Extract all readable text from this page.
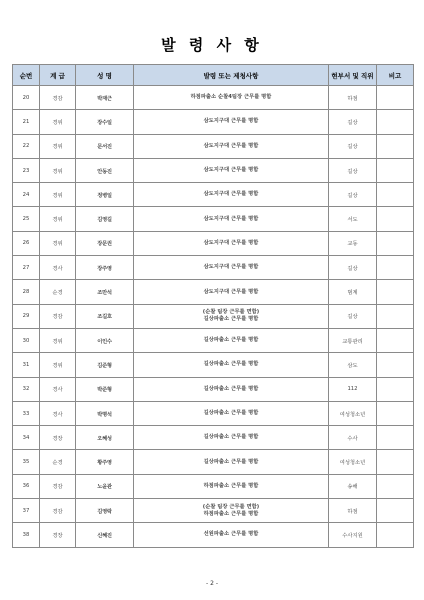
발 령 사 항
순번	계 급	성 명	발령 또는 제청사항	현부서 및 직위	비고
20	경감	박재근	하점파출소 순찰4팀장 근무를 명함	하점	
21	경위	장수일	삼도지구대 근무를 명함	길상	
22	경위	문서진	삼도지구대 근무를 명함	길상	
23	경위	안동진	삼도지구대 근무를 명함	길상	
24	경위	정병일	삼도지구대 근무를 명함	길상	
25	경위	김영길	삼도지구대 근무를 명함	서도	
26	경위	장문권	삼도지구대 근무를 명함	교동	
27	경사	장주영	삼도지구대 근무를 명함	길상	
28	순경	조만석	삼도지구대 근무를 명함	범계	
29	경감	조길호	(순찰 팀장 근무를 면함)
길상파출소 근무를 명함	길상	
30	경위	이인수	길상파출소 근무를 명함	교통관리	
31	경위	김준형	길상파출소 근무를 명함	삼도	
32	경사	박준형	길상파출소 근무를 명함	112	
33	경사	박명석	길상파출소 근무를 명함	여성청소년	
34	경장	오혜성	길상파출소 근무를 명함	수사	
35	순경	황주영	길상파출소 근무를 명함	여성청소년	
36	경감	노윤관	하점파출소 근무를 명함	송해	
37	경감	김영락	(순찰 팀장 근무를 면함)
하점파출소 근무를 명함	하점	
38	경장	신혜진	선원파출소 근무를 명함	수사지원	
- 2 -
